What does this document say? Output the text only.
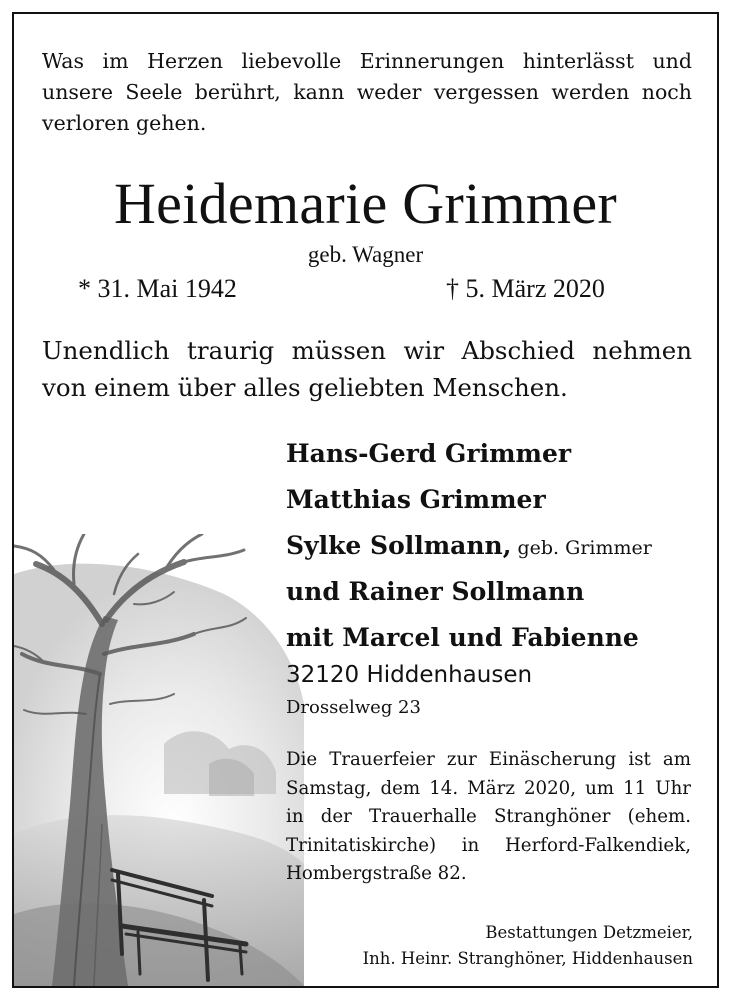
Was im Herzen liebevolle Erinnerungen hinterlässt und unsere Seele berührt, kann weder vergessen werden noch verloren gehen.

Heidemarie Grimmer
geb. Wagner
* 31. Mai 1942	† 5. März 2020

Unendlich traurig müssen wir Abschied nehmen von einem über alles geliebten Menschen.

Hans-Gerd Grimmer
Matthias Grimmer
Sylke Sollmann, geb. Grimmer
und Rainer Sollmann
mit Marcel und Fabienne
32120 Hiddenhausen
Drosselweg 23

Die Trauerfeier zur Einäscherung ist am Samstag, dem 14. März 2020, um 11 Uhr in der Trauerhalle Stranghöner (ehem. Trinitatiskirche) in Herford-Falkendiek, Hombergstraße 82.

Bestattungen Detzmeier,
Inh. Heinr. Stranghöner, Hiddenhausen
